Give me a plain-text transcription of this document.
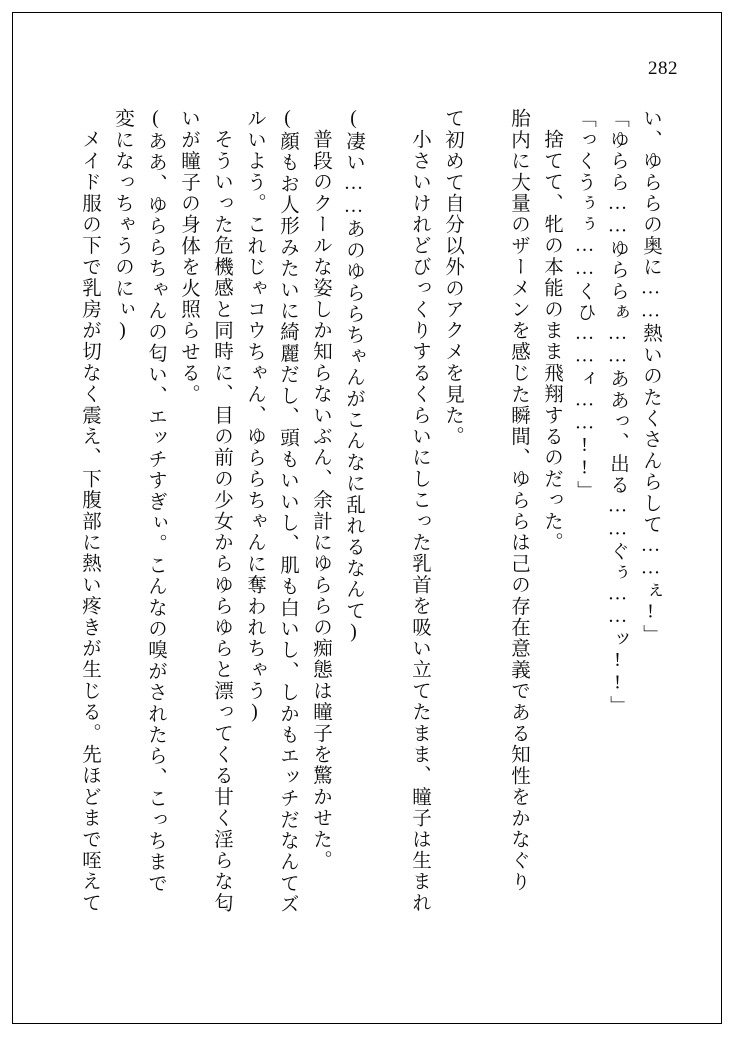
282
い、ゆららの奥に……熱いのたくさんらして……ぇ!」
「ゆらら……ゆららぁ……ああっ、出る……ぐぅ……ッ!!」
「っくうぅぅ……くひ……ィ……!!」
捨てて、牝の本能のまま飛翔するのだった。
胎内に大量のザーメンを感じた瞬間、ゆららは己の存在意義である知性をかなぐり
て初めて自分以外のアクメを見た。
小さいけれどびっくりするくらいにしこった乳首を吸い立てたまま、瞳子は生まれ
(凄い……あのゆららちゃんがこんなに乱れるなんて)
普段のクールな姿しか知らないぶん、余計にゆららの痴態は瞳子を驚かせた。
(顔もお人形みたいに綺麗だし、頭もいいし、肌も白いし、しかもエッチだなんてズ
ルいよう。これじゃコウちゃん、ゆららちゃんに奪われちゃう)
そういった危機感と同時に、目の前の少女からゆらゆらと漂ってくる甘く淫らな匂
いが瞳子の身体を火照らせる。
(ああ、ゆららちゃんの匂い、エッチすぎぃ。こんなの嗅がされたら、こっちまで
変になっちゃうのにぃ)
メイド服の下で乳房が切なく震え、下腹部に熱い疼きが生じる。先ほどまで咥えて
